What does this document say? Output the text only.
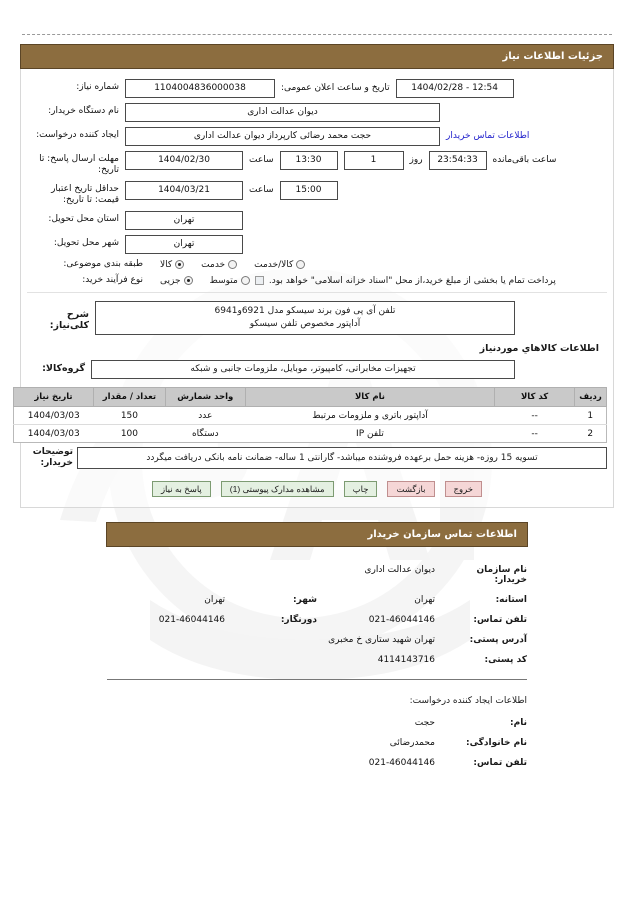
جزئیات اطلاعات نیاز
1404/02/28 - 12:54
تاریخ و ساعت اعلان عمومی:
1104004836000038
شماره نیاز:
دیوان عدالت اداری
نام دستگاه خریدار:
اطلاعات تماس خریدار
حجت محمد رضائی کارپرداز دیوان عدالت اداری
ایجاد کننده درخواست:
ساعت باقی‌مانده
23:54:33
روز
1
13:30
ساعت
1404/02/30
مهلت ارسال پاسخ: تا تاریخ:
15:00
ساعت
1404/03/21
حداقل تاریخ اعتبار قیمت: تا تاریخ:
تهران
استان محل تحویل:
تهران
شهر محل تحویل:
کالا/خدمت
خدمت
کالا
طبقه بندی موضوعی:
پرداخت تمام یا بخشی از مبلغ خرید،از محل "اسناد خزانه اسلامی" خواهد بود.
متوسط
جزیی
نوع فرآیند خرید:
تلفن آی پی فون برند سیسکو مدل 6921و6941
آداپتور مخصوص تلفن سیسکو
شرح کلی‌نیاز:
اطلاعات کالاهاي موردنیاز
تجهیزات مخابراتی، کامپیوتر، موبایل، ملزومات جانبی و شبکه
گروه‌کالا:
ردیف	کد کالا	نام کالا	واحد شمارش	تعداد / مقدار	تاریخ نیاز
1	--	آداپتور باتری و ملزومات مرتبط	عدد	150	1404/03/03
2	--	تلفن IP	دستگاه	100	1404/03/03
تسویه 15 روزه- هزینه حمل برعهده فروشنده میباشد- گارانتی 1 ساله- ضمانت نامه بانکی دریافت میگردد
توضیحات خریدار:
خروج
بازگشت
چاپ
مشاهده مدارک پیوستی (1)
پاسخ به نیاز
اطلاعات تماس سازمان خریدار
نام سازمان خریدار:
دیوان عدالت اداری
استانه:
تهران
شهر:
تهران
تلفن تماس:
021-46044146
دورنگار:
021-46044146
آدرس پستی:
تهران شهید ستاری خ مخبری
کد پستی:
4114143716
اطلاعات ایجاد کننده درخواست:
نام:
حجت
نام خانوادگی:
محمدرضائی
تلفن تماس:
021-46044146
